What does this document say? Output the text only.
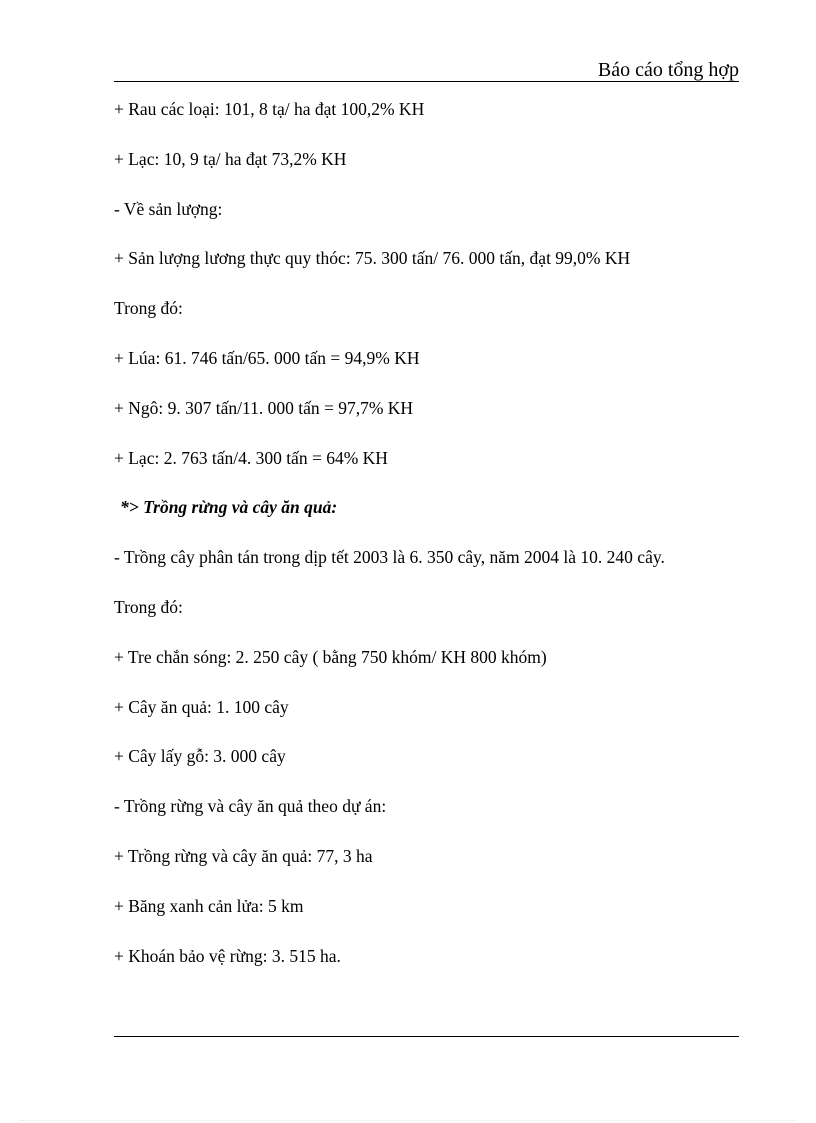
Báo cáo tổng hợp
+ Rau các loại: 101, 8 tạ/ ha đạt 100,2% KH
+ Lạc: 10, 9 tạ/ ha đạt 73,2% KH
- Về sản lượng:
+ Sản lượng lương thực quy thóc: 75. 300 tấn/ 76. 000 tấn, đạt 99,0% KH
Trong đó:
+ Lúa: 61. 746 tấn/65. 000 tấn = 94,9% KH
+ Ngô: 9. 307 tấn/11. 000 tấn = 97,7% KH
+ Lạc: 2. 763 tấn/4. 300 tấn = 64% KH
*> Trồng rừng và cây ăn quả:
- Trồng cây phân tán trong dịp tết 2003 là 6. 350 cây, năm 2004 là 10. 240 cây.
Trong đó:
+ Tre chắn sóng: 2. 250 cây ( bằng 750 khóm/ KH 800 khóm)
+ Cây ăn quả: 1. 100 cây
+ Cây lấy gỗ: 3. 000 cây
- Trồng rừng và cây ăn quả theo dự án:
+ Trồng rừng và cây ăn quả: 77, 3 ha
+ Băng xanh cản lửa: 5 km
+ Khoán bảo vệ rừng: 3. 515 ha.
